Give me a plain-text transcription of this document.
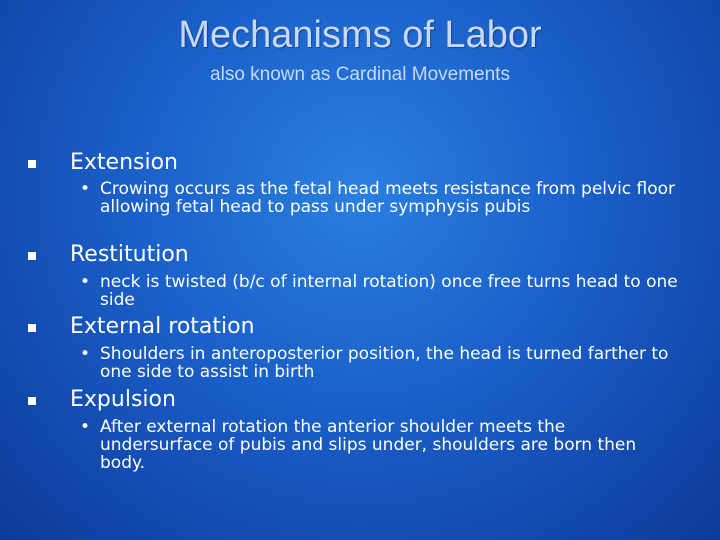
Mechanisms of Labor
also known as Cardinal Movements
Extension
• Crowing occurs as the fetal head meets resistance from pelvic floor allowing fetal head to pass under symphysis pubis
Restitution
• neck is twisted (b/c of internal rotation) once free turns head to one side
External rotation
• Shoulders in anteroposterior position, the head is turned farther to one side to assist in birth
Expulsion
• After external rotation the anterior shoulder meets the undersurface of pubis and slips under, shoulders are born then body.
